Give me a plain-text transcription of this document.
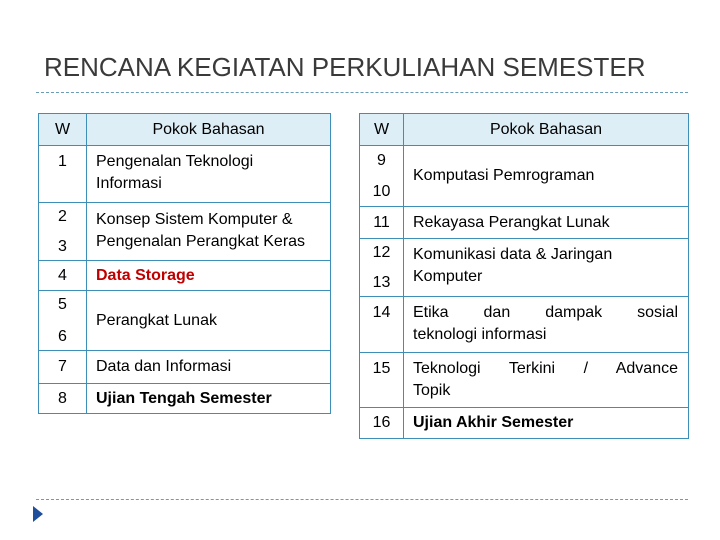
RENCANA KEGIATAN PERKULIAHAN SEMESTER
W	Pokok Bahasan
1	Pengenalan Teknologi
Informasi

2
3	Konsep Sistem Komputer &
Pengenalan Perangkat Keras

4	Data Storage

5
6	Perangkat Lunak
7	Data dan Informasi
8	Ujian Tengah Semester
W	Pokok Bahasan

9
10	Komputasi Pemrograman
11	Rekayasa Perangkat Lunak

12
13	Komunikasi data & Jaringan
Komputer

14	Etika dan dampak sosial
teknologi informasi

15	Teknologi Terkini / Advance
Topik

16	Ujian Akhir Semester
